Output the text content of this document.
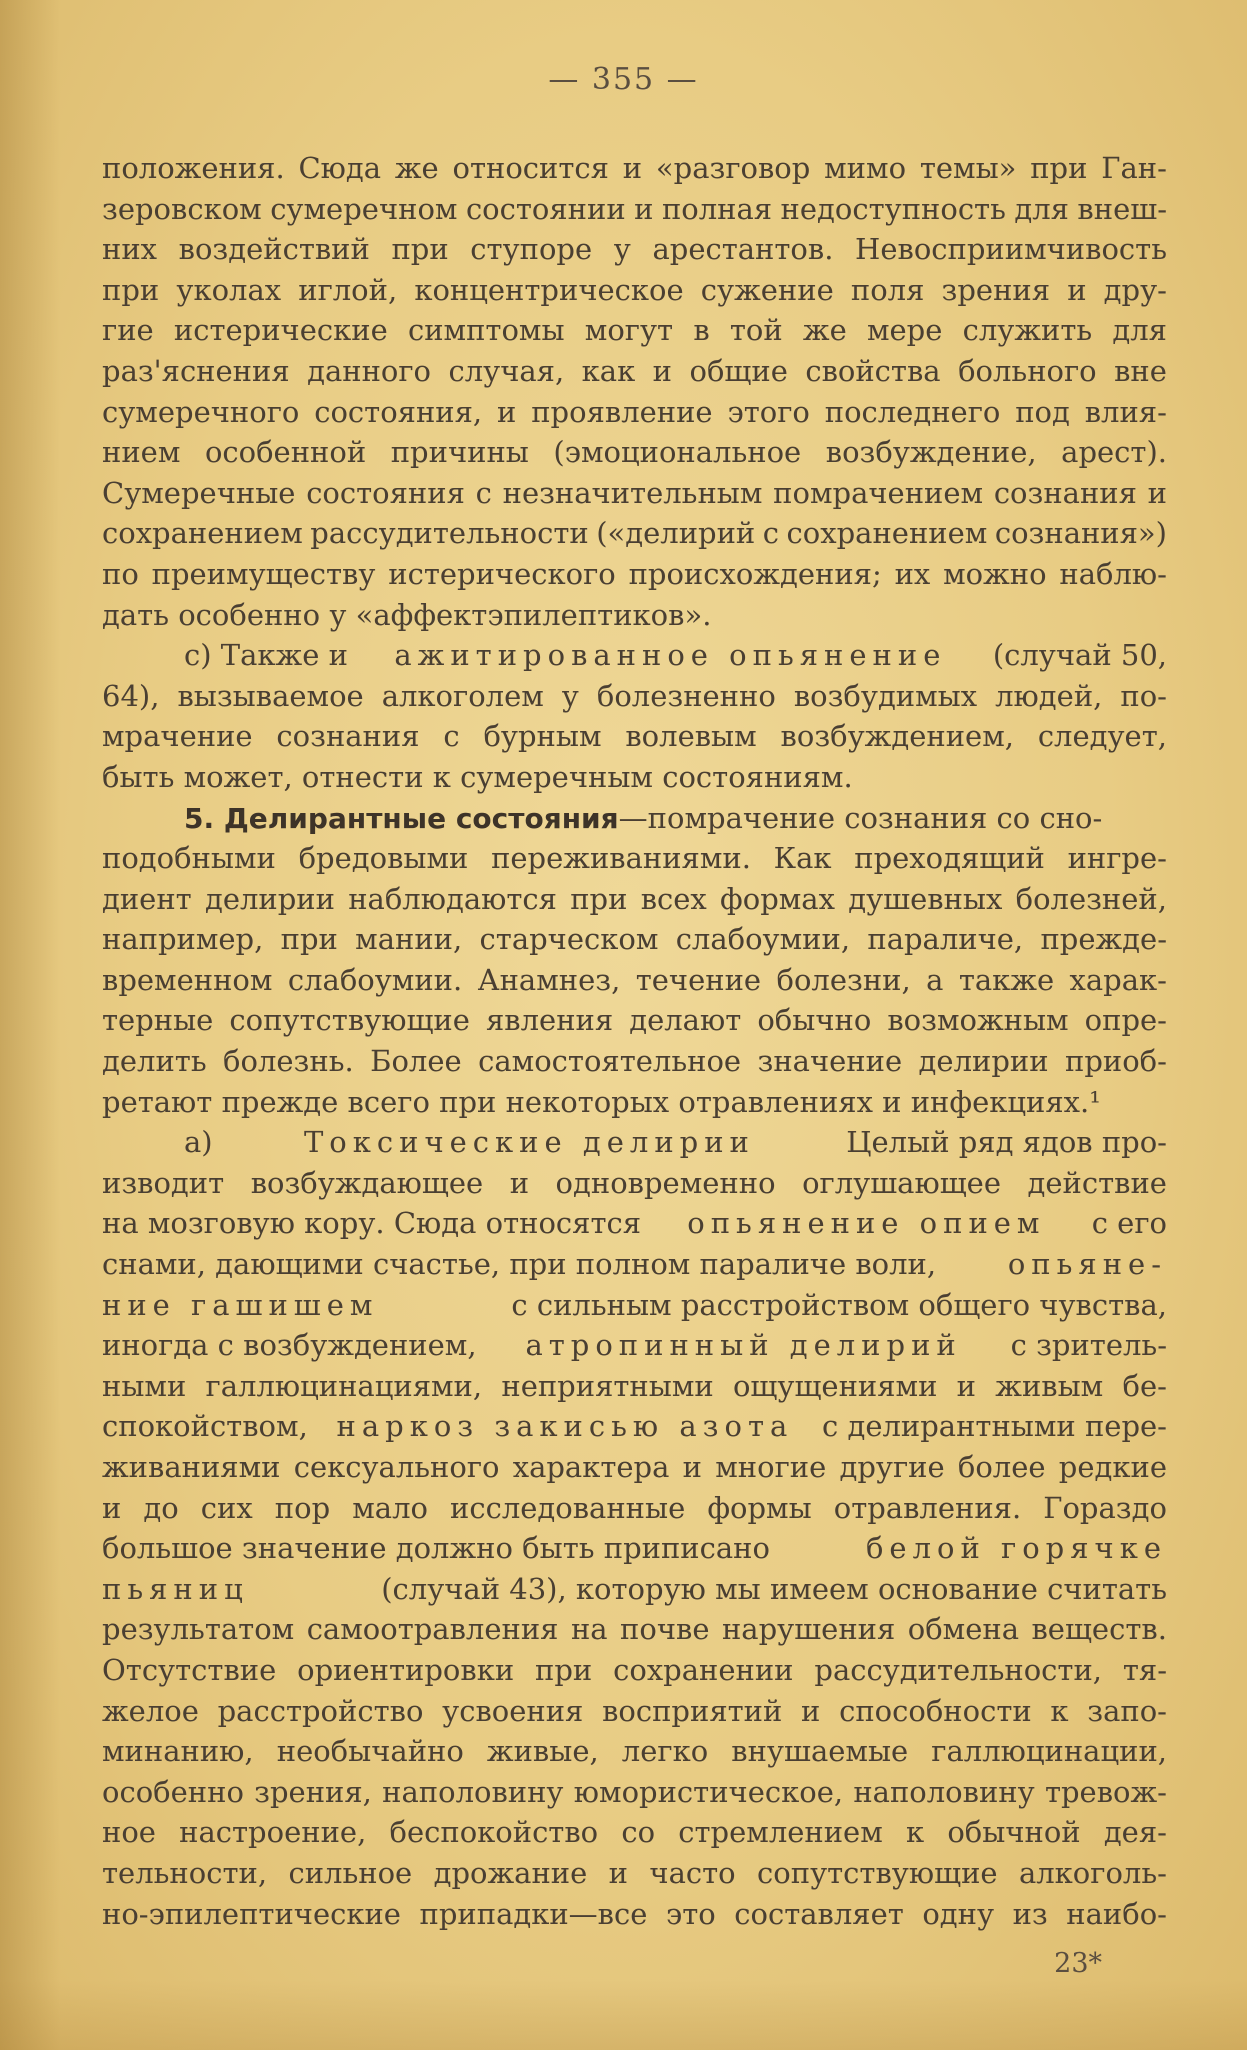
— 355 —
положения. Сюда же относится и «разговор мимо темы» при Ган-
зеровском сумеречном состоянии и полная недоступность для внеш-
них воздействий при ступоре у арестантов. Невосприимчивость
при уколах иглой, концентрическое сужение поля зрения и дру-
гие истерические симптомы могут в той же мере служить для
раз'яснения данного случая, как и общие свойства больного вне
сумеречного состояния, и проявление этого последнего под влия-
нием особенной причины (эмоциональное возбуждение, арест).
Сумеречные состояния с незначительным помрачением сознания и
сохранением рассудительности («делирий с сохранением сознания»)
по преимуществу истерического происхождения; их можно наблю-
дать особенно у «аффектэпилептиков».
с) Также и ажитированное опьянение (случай 50,
64), вызываемое алкоголем у болезненно возбудимых людей, по-
мрачение сознания с бурным волевым возбуждением, следует,
быть может, отнести к сумеречным состояниям.
5. Делирантные состояния—помрачение сознания со сно-
подобными бредовыми переживаниями. Как преходящий ингре-
диент делирии наблюдаются при всех формах душевных болезней,
например, при мании, старческом слабоумии, параличе, прежде-
временном слабоумии. Анамнез, течение болезни, а также харак-
терные сопутствующие явления делают обычно возможным опре-
делить болезнь. Более самостоятельное значение делирии приоб-
ретают прежде всего при некоторых отравлениях и инфекциях.¹
а)	Токсические делирии	Целый ряд ядов про-
изводит возбуждающее и одновременно оглушающее действие
на мозговую кору. Сюда относятся опьянение опием с его
снами, дающими счастье, при полном параличе воли, опьяне-
ние гашишем	с сильным расстройством общего чувства,
иногда с возбуждением, атропинный делирий с зритель-
ными галлюцинациями, неприятными ощущениями и живым бе-
спокойством, наркоз закисью азота с делирантными пере-
живаниями сексуального характера и многие другие более редкие
и до сих пор мало исследованные формы отравления. Гораздо
большое значение должно быть приписано	белой горячке
пьяниц	(случай 43), которую мы имеем основание считать
результатом самоотравления на почве нарушения обмена веществ.
Отсутствие ориентировки при сохранении рассудительности, тя-
желое расстройство усвоения восприятий и способности к запо-
минанию, необычайно живые, легко внушаемые галлюцинации,
особенно зрения, наполовину юмористическое, наполовину тревож-
ное настроение, беспокойство со стремлением к обычной дея-
тельности, сильное дрожание и часто сопутствующие алкоголь-
но-эпилептические припадки—все это составляет одну из наибо-
23*
